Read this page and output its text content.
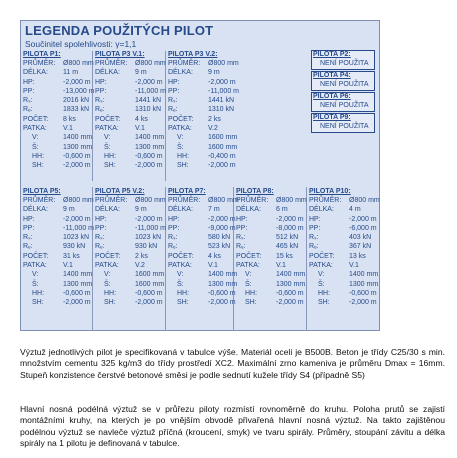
LEGENDA POUŽITÝCH PILOT
Součinitel spolehlivosti: γ=1,1
PILOTA P1:
PRŮMĚR: Ø800 mm
DÉLKA: 11 m
HP:	-2,000 m
PP:	-13,000 m
Rₛ:	2016 kN
Rₑ:	1833 kN
POČET: 8 ks
PATKA: V.1
V:	1400 mm
Š:	1300 mm
HH:	-0,600 m
SH:	-2,000 m
PILOTA P3 V.1:
PRŮMĚR: Ø800 mm
DÉLKA: 9 m
HP:	-2,000 m
PP:	-11,000 m
Rₛ:	1441 kN
Rₑ:	1310 kN
POČET: 4 ks
PATKA: V.1
V:	1400 mm
Š:	1300 mm
HH:	-0,600 m
SH:	-2,000 m
PILOTA P3 V.2:
PRŮMĚR: Ø800 mm
DÉLKA: 9 m
HP:	-2,000 m
PP:	-11,000 m
Rₛ:	1441 kN
Rₑ:	1310 kN
POČET: 2 ks
PATKA: V.2
V:	1600 mm
Š:	1600 mm
HH:	-0,400 m
SH:	-2,000 m
PILOTA P5:
PRŮMĚR: Ø800 mm
DÉLKA: 9 m
HP:	-2,000 m
PP:	-11,000 m
Rₛ:	1023 kN
Rₑ:	930 kN
POČET: 31 ks
PATKA: V.1
V:	1400 mm
Š:	1300 mm
HH:	-0,600 m
SH:	-2,000 m
PILOTA P5 V.2:
PRŮMĚR: Ø800 mm
DÉLKA: 9 m
HP:	-2,000 m
PP:	-11,000 m
Rₛ:	1023 kN
Rₑ:	930 kN
POČET: 2 ks
PATKA: V.2
V:	1600 mm
Š:	1600 mm
HH:	-0,600 m
SH:	-2,000 m
PILOTA P7:
PRŮMĚR: Ø800 mm
DÉLKA: 7 m
HP:	-2,000 m
PP:	-9,000 m
Rₛ:	580 kN
Rₑ:	523 kN
POČET: 4 ks
PATKA: V.1
V:	1400 mm
Š:	1300 mm
HH:	-0,600 m
SH:	-2,000 m
PILOTA P8:
PRŮMĚR: Ø800 mm
DÉLKA: 6 m
HP:	-2,000 m
PP:	-8,000 m
Rₛ:	512 kN
Rₑ:	465 kN
POČET: 15 ks
PATKA: V.1
V:	1400 mm
Š:	1300 mm
HH:	-0,600 m
SH:	-2,000 m
PILOTA P10:
PRŮMĚR: Ø800 mm
DÉLKA: 4 m
HP:	-2,000 m
PP:	-6,000 m
Rₛ:	403 kN
Rₑ:	367 kN
POČET: 13 ks
PATKA: V.1
V:	1400 mm
Š:	1300 mm
HH:	-0,600 m
SH:	-2,000 m
PILOTA P2:
NENÍ POUŽITA
PILOTA P4:
NENÍ POUŽITA
PILOTA P6:
NENÍ POUŽITA
PILOTA P9:
NENÍ POUŽITA
Výztuž jednotlivých pilot je specifikovaná v tabulce výše. Materiál oceli je B500B. Beton je třídy C25/30 s min. množstvím cementu 325 kg/m3 do třídy prostředí XC2. Maximální zrno kameniva je průměru Dmax = 16mm. Stupeň konzistence čerstvé betonové směsi je podle sednutí kužele třídy S4 (případně S5)
Hlavní nosná podélná výztuž se v průřezu piloty rozmístí rovnoměrně do kruhu. Poloha prutů se zajistí montážními kruhy, na kterých je po vnějším obvodě přivařená hlavní nosná výztuž. Na takto zajištěnou podélnou výztuž se navleče výztuž příčná (kroucení, smyk) ve tvaru spirály. Průměry, stoupání závitu a délka spirály na 1 pilotu je definovaná v tabulce.
